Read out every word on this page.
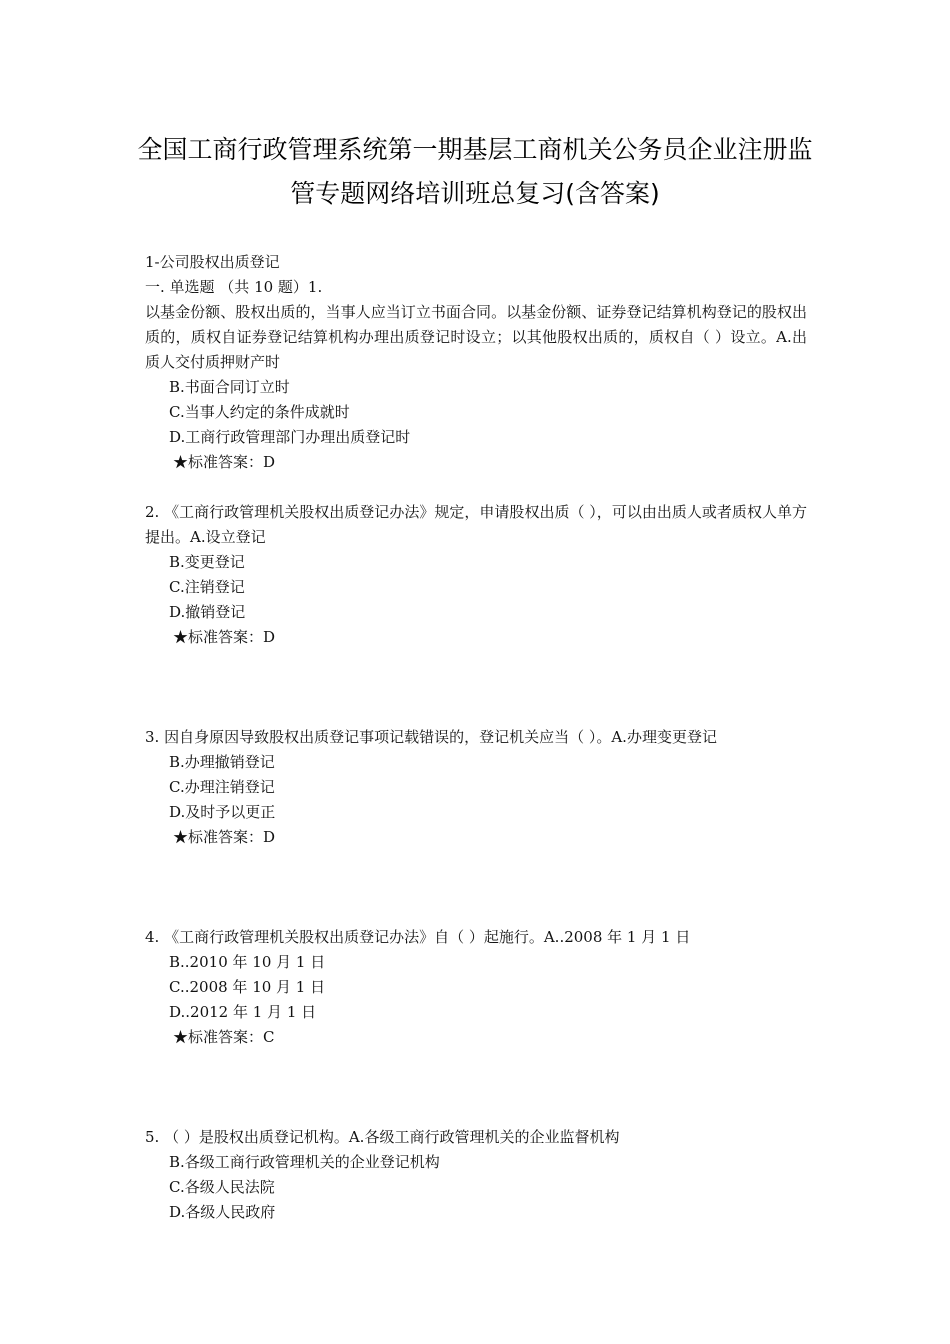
全国工商行政管理系统第一期基层工商机关公务员企业注册监
管专题网络培训班总复习(含答案)

1-公司股权出质登记

一. 单选题 （共 10 题）1.

以基金份额、股权出质的，当事人应当订立书面合同。以基金份额、证券登记结算机构登记的股权出质的，质权自证券登记结算机构办理出质登记时设立；以其他股权出质的，质权自（ ）设立。A.出质人交付质押财产时

B.书面合同订立时

C.当事人约定的条件成就时

D.工商行政管理部门办理出质登记时

★标准答案：D

2. 《工商行政管理机关股权出质登记办法》规定，申请股权出质（ ），可以由出质人或者质权人单方提出。A.设立登记

B.变更登记

C.注销登记

D.撤销登记

★标准答案：D

3. 因自身原因导致股权出质登记事项记载错误的，登记机关应当（ ）。A.办理变更登记

B.办理撤销登记

C.办理注销登记

D.及时予以更正

★标准答案：D

4. 《工商行政管理机关股权出质登记办法》自（ ）起施行。A..2008 年 1 月 1 日

B..2010 年 10 月 1 日

C..2008 年 10 月 1 日

D..2012 年 1 月 1 日

★标准答案：C

5. （ ）是股权出质登记机构。A.各级工商行政管理机关的企业监督机构

B.各级工商行政管理机关的企业登记机构

C.各级人民法院

D.各级人民政府
